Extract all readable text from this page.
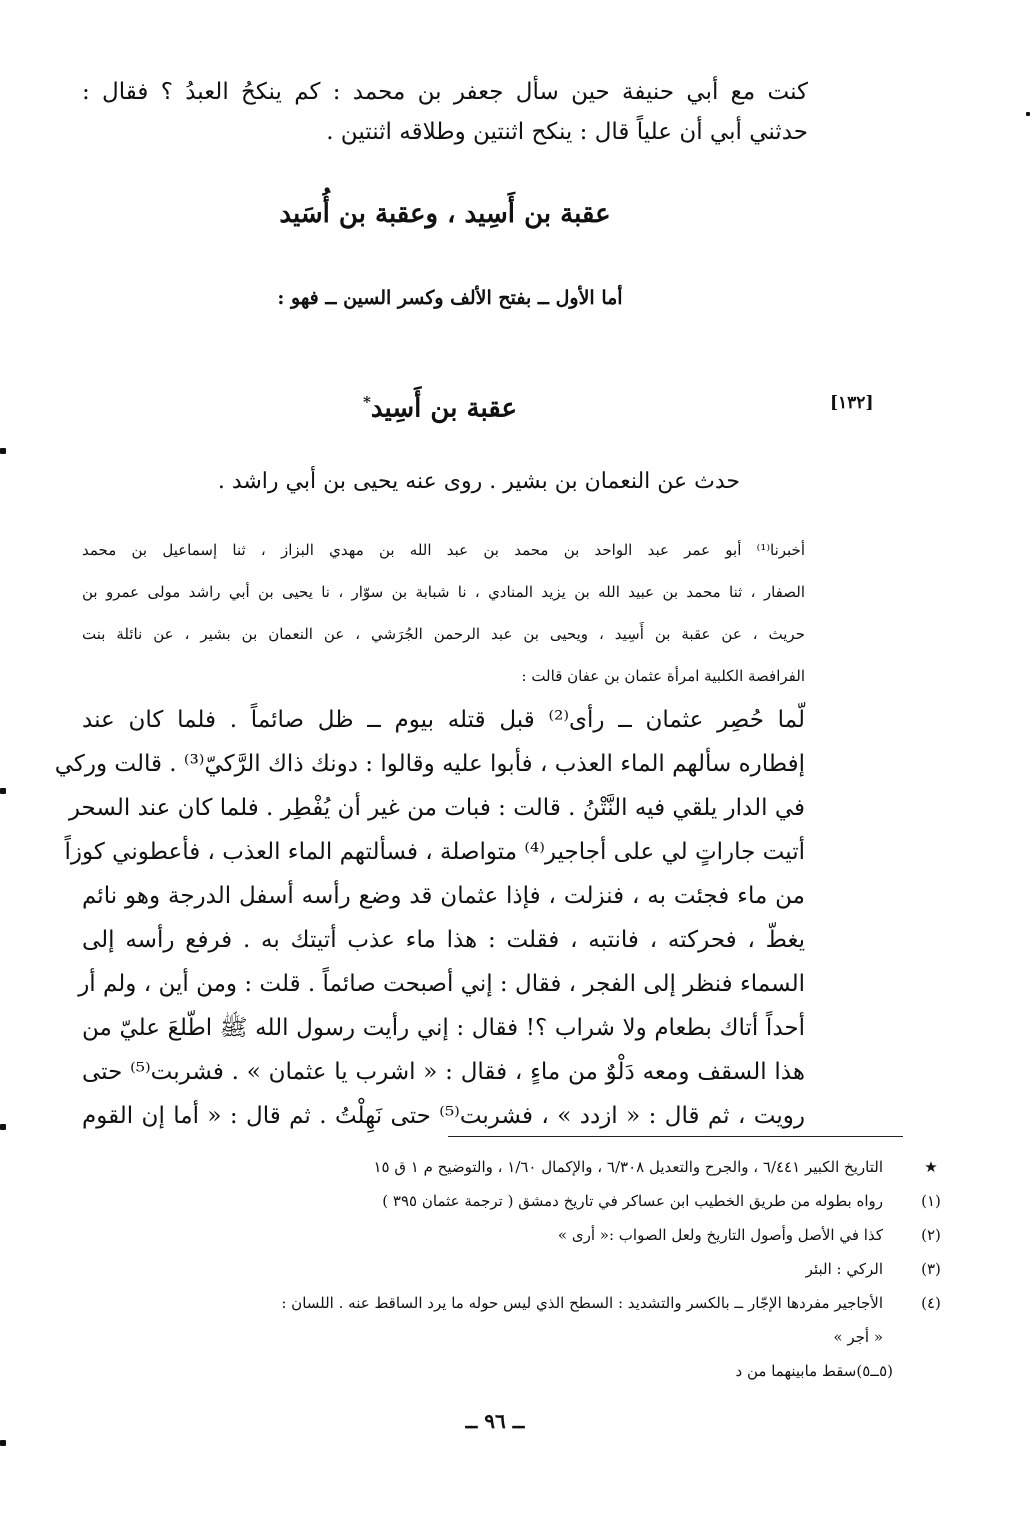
كنت مع أبي حنيفة حين سأل جعفر بن محمد : كم ينكحُ العبدُ ؟ فقال :
حدثني أبي أن علياً قال : ينكح اثنتين وطلاقه اثنتين .
عقبة بن أَسِيد ، وعقبة بن أُسَيد
أما الأول ــ بفتح الألف وكسر السين ــ فهو :
عقبة بن أَسِيد*	[١٣٢]
حدث عن النعمان بن بشير . روى عنه يحيى بن أبي راشد .
أخبرنا⁽¹⁾ أبو عمر عبد الواحد بن محمد بن عبد الله بن مهدي البزاز ، ثنا إسماعيل بن محمد
الصفار ، ثنا محمد بن عبيد الله بن يزيد المنادي ، نا شبابة بن سوّار ، نا يحيى بن أبي راشد مولى عمرو بن
حريث ، عن عقبة بن أَسِيد ، ويحيى بن عبد الرحمن الجُرَشي ، عن النعمان بن بشير ، عن نائلة بنت
الفرافصة الكلبية امرأة عثمان بن عفان قالت :
لّما حُصِر عثمان ــ رأى⁽²⁾ قبل قتله بيوم ــ ظل صائماً . فلما كان عند
إفطاره سألهم الماء العذب ، فأبوا عليه وقالوا : دونك ذاك الرَّكيّ⁽³⁾ . قالت وركي
في الدار يلقي فيه النَّتْنُ . قالت : فبات من غير أن يُفْطِر . فلما كان عند السحر
أتيت جاراتٍ لي على أجاجير⁽⁴⁾ متواصلة ، فسألتهم الماء العذب ، فأعطوني كوزاً
من ماء فجئت به ، فنزلت ، فإذا عثمان قد وضع رأسه أسفل الدرجة وهو نائم
يغطّ ، فحركته ، فانتبه ، فقلت : هذا ماء عذب أتيتك به . فرفع رأسه إلى
السماء فنظر إلى الفجر ، فقال : إني أصبحت صائماً . قلت : ومن أين ، ولم أر
أحداً أتاك بطعام ولا شراب ؟! فقال : إني رأيت رسول الله ﷺ اطّلعَ عليّ من
هذا السقف ومعه دَلْوٌ من ماءٍ ، فقال : « اشرب يا عثمان » . فشربت⁽⁵⁾ حتى
رويت ، ثم قال : « ازدد » ، فشربت⁽⁵⁾ حتى نَهِلْتُ . ثم قال : « أما إن القوم
★
التاريخ الكبير ٦/٤٤١ ، والجرح والتعديل ٦/٣٠٨ ، والإكمال ١/٦٠ ، والتوضيح م ١ ق ١٥
(١)
رواه بطوله من طريق الخطيب ابن عساكر في تاريخ دمشق ( ترجمة عثمان ٣٩٥ )
(٢)
كذا في الأصل وأصول التاريخ ولعل الصواب :« أرى »
(٣)
الركي : البئر
(٤)
الأجاجير مفردها الإجّار ــ بالكسر والتشديد : السطح الذي ليس حوله ما يرد الساقط عنه . اللسان :
« أجر »
(٥ــ٥)سقط مابينهما من د
ــ ٩٦ ــ
